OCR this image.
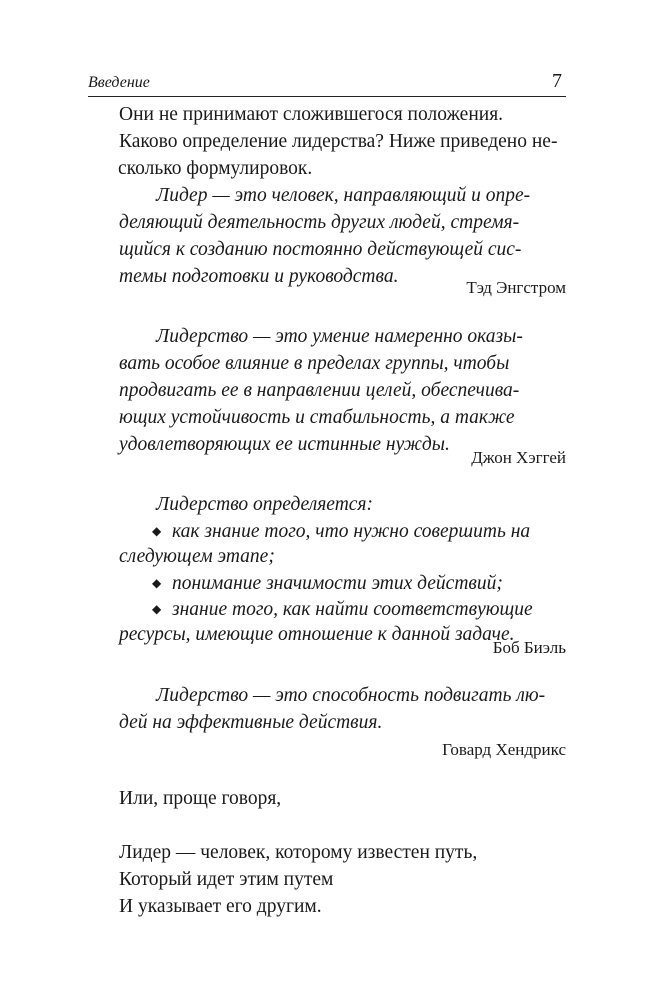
Введение	7
Они не принимают сложившегося положения.
Каково определение лидерства? Ниже приведено не-
сколько формулировок.
Лидер — это человек, направляющий и опре-
деляющий деятельность других людей, стремя-
щийся к созданию постоянно действующей сис-
темы подготовки и руководства.
Тэд Энгстром
Лидерство — это умение намеренно оказы-
вать особое влияние в пределах группы, чтобы
продвигать ее в направлении целей, обеспечива-
ющих устойчивость и стабильность, а также
удовлетворяющих ее истинные нужды.
Джон Хэггей
Лидерство определяется:
◆ как знание того, что нужно совершить на
следующем этапе;
◆ понимание значимости этих действий;
◆ знание того, как найти соответствующие
ресурсы, имеющие отношение к данной задаче.
Боб Биэль
Лидерство — это способность подвигать лю-
дей на эффективные действия.
Говард Хендрикс
Или, проще говоря,
Лидер — человек, которому известен путь,
Который идет этим путем
И указывает его другим.
